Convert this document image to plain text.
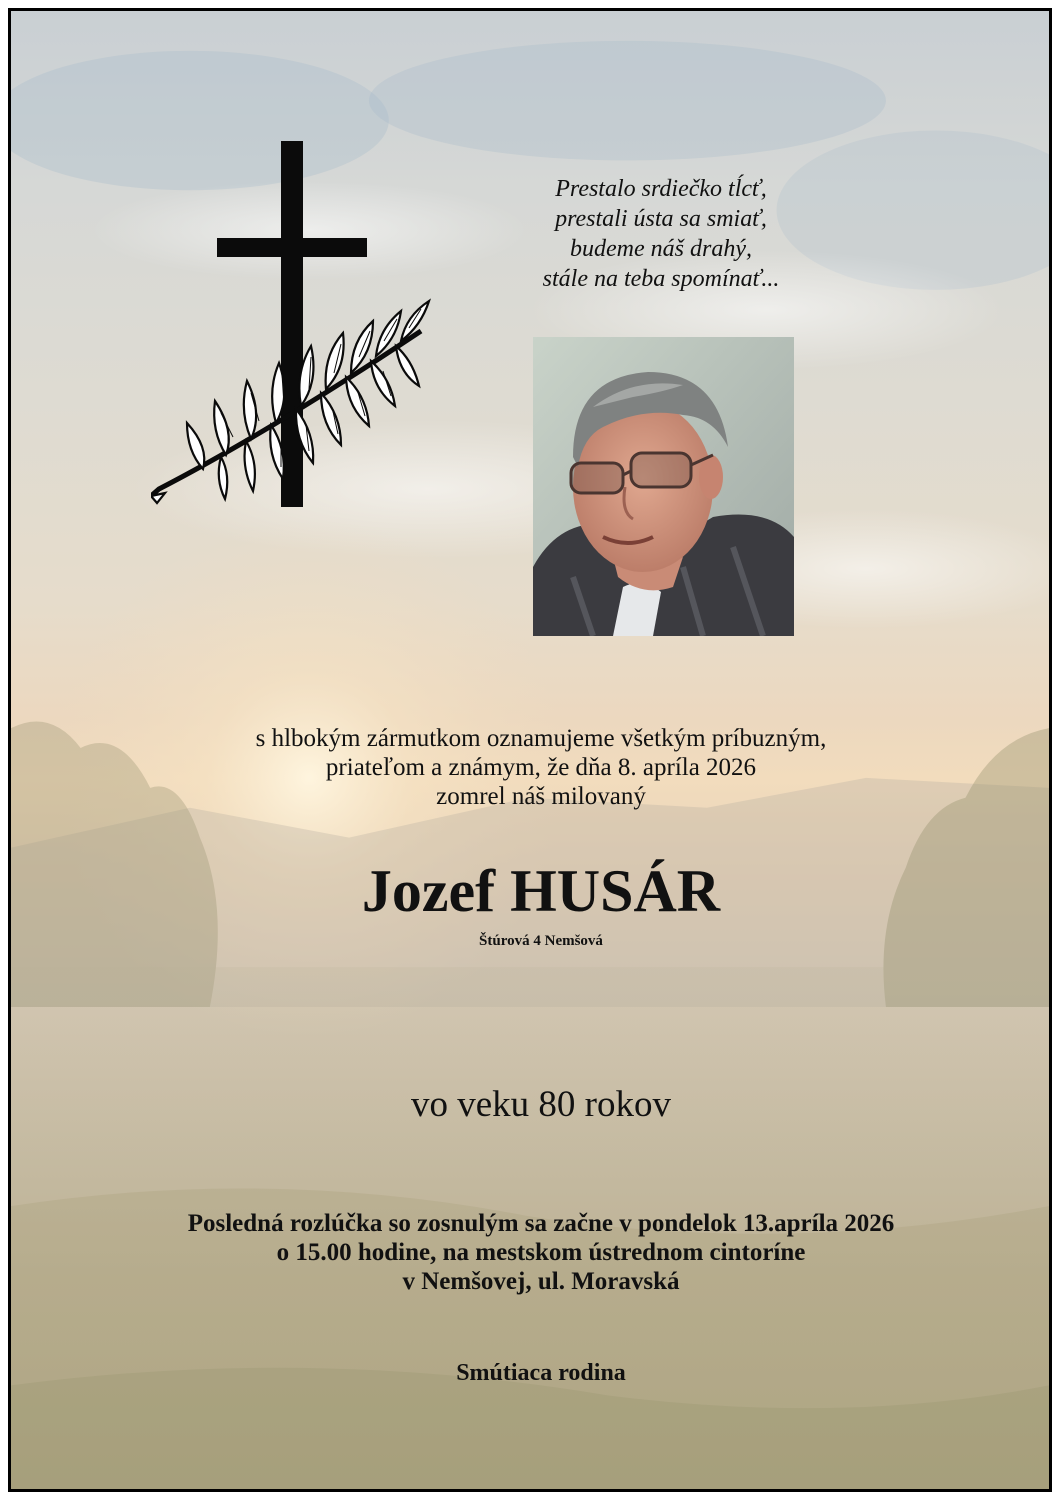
Prestalo srdiečko tĺcť,
prestali ústa sa smiať,
budeme náš drahý,
stále na teba spomínať...
s hlbokým zármutkom oznamujeme všetkým príbuzným,
priateľom a známym, že dňa 8. apríla 2026
zomrel náš milovaný
Jozef HUSÁR
Štúrová 4 Nemšová
vo veku 80 rokov
Posledná rozlúčka so zosnulým sa začne v pondelok 13.apríla 2026
o 15.00 hodine, na mestskom ústrednom cintoríne
v Nemšovej, ul. Moravská
Smútiaca rodina
